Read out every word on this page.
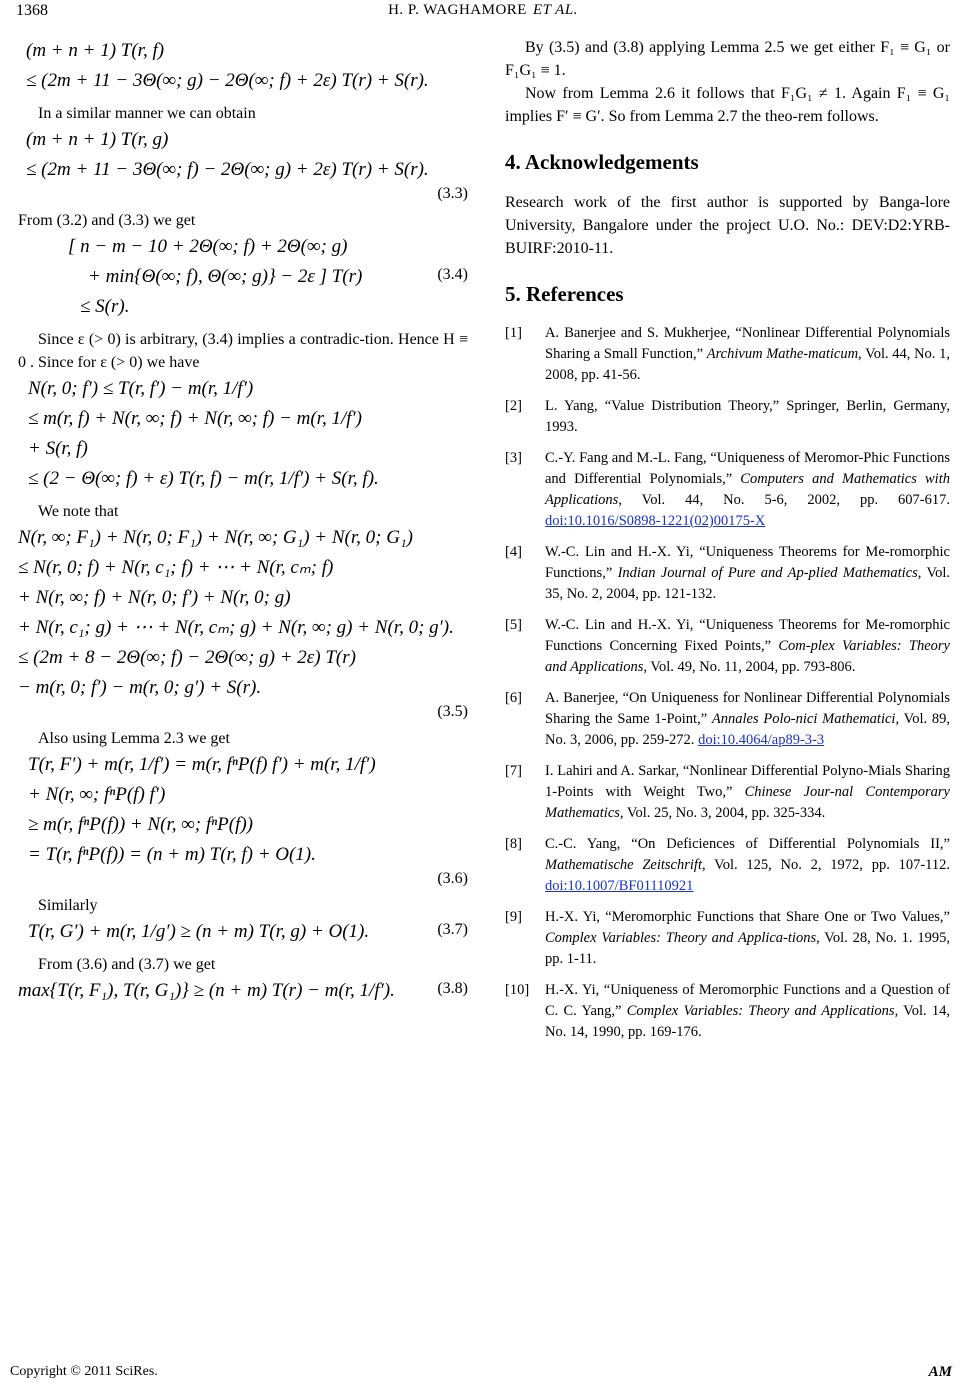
1368	H. P. WAGHAMORE ET AL.
(m + n + 1) T(r, f)
≤ (2m + 11 − 3Θ(∞; g) − 2Θ(∞; f) + 2ε) T(r) + S(r).
In a similar manner we can obtain
(m + n + 1) T(r, g)
≤ (2m + 11 − 3Θ(∞; f) − 2Θ(∞; g) + 2ε) T(r) + S(r).
(3.3)
From (3.2) and (3.3) we get
[ n − m − 10 + 2Θ(∞; f) + 2Θ(∞; g)
+ min{Θ(∞; f), Θ(∞; g)} − 2ε ] T(r)
≤ S(r).
(3.4)
Since ε (> 0) is arbitrary, (3.4) implies a contradic-tion. Hence H ≡ 0 . Since for ε (> 0) we have
N(r, 0; f′) ≤ T(r, f′) − m(r, 1/f′)
≤ m(r, f) + N(r, ∞; f) + N(r, ∞; f) − m(r, 1/f′)
+ S(r, f)
≤ (2 − Θ(∞; f) + ε) T(r, f) − m(r, 1/f′) + S(r, f).
We note that
N(r, ∞; F₁) + N(r, 0; F₁) + N(r, ∞; G₁) + N(r, 0; G₁)
≤ N(r, 0; f) + N(r, c₁; f) + ⋯ + N(r, cₘ; f)
+ N(r, ∞; f) + N(r, 0; f′) + N(r, 0; g)
+ N(r, c₁; g) + ⋯ + N(r, cₘ; g) + N(r, ∞; g) + N(r, 0; g′).
≤ (2m + 8 − 2Θ(∞; f) − 2Θ(∞; g) + 2ε) T(r)
− m(r, 0; f′) − m(r, 0; g′) + S(r).
(3.5)
Also using Lemma 2.3 we get
T(r, F′) + m(r, 1/f′) = m(r, fⁿP(f) f′) + m(r, 1/f′)
+ N(r, ∞; fⁿP(f) f′)
≥ m(r, fⁿP(f)) + N(r, ∞; fⁿP(f))
= T(r, fⁿP(f)) = (n + m) T(r, f) + O(1).
(3.6)
Similarly
T(r, G′) + m(r, 1/g′) ≥ (n + m) T(r, g) + O(1).	(3.7)
From (3.6) and (3.7) we get
max{T(r, F₁), T(r, G₁)} ≥ (n + m) T(r) − m(r, 1/f′).	(3.8)
By (3.5) and (3.8) applying Lemma 2.5 we get either F₁ ≡ G₁ or F₁G₁ ≡ 1.
Now from Lemma 2.6 it follows that F₁G₁ ≠ 1. Again F₁ ≡ G₁ implies F′ ≡ G′. So from Lemma 2.7 the theo-rem follows.
4. Acknowledgements
Research work of the first author is supported by Banga-lore University, Bangalore under the project U.O. No.: DEV:D2:YRB-BUIRF:2010-11.
5. References
[1] A. Banerjee and S. Mukherjee, “Nonlinear Differential Polynomials Sharing a Small Function,” Archivum Mathe-maticum, Vol. 44, No. 1, 2008, pp. 41-56.
[2] L. Yang, “Value Distribution Theory,” Springer, Berlin, Germany, 1993.
[3] C.-Y. Fang and M.-L. Fang, “Uniqueness of Meromor-Phic Functions and Differential Polynomials,” Computers and Mathematics with Applications, Vol. 44, No. 5-6, 2002, pp. 607-617. doi:10.1016/S0898-1221(02)00175-X
[4] W.-C. Lin and H.-X. Yi, “Uniqueness Theorems for Me-romorphic Functions,” Indian Journal of Pure and Ap-plied Mathematics, Vol. 35, No. 2, 2004, pp. 121-132.
[5] W.-C. Lin and H.-X. Yi, “Uniqueness Theorems for Me-romorphic Functions Concerning Fixed Points,” Com-plex Variables: Theory and Applications, Vol. 49, No. 11, 2004, pp. 793-806.
[6] A. Banerjee, “On Uniqueness for Nonlinear Differential Polynomials Sharing the Same 1-Point,” Annales Polo-nici Mathematici, Vol. 89, No. 3, 2006, pp. 259-272. doi:10.4064/ap89-3-3
[7] I. Lahiri and A. Sarkar, “Nonlinear Differential Polyno-Mials Sharing 1-Points with Weight Two,” Chinese Jour-nal Contemporary Mathematics, Vol. 25, No. 3, 2004, pp. 325-334.
[8] C.-C. Yang, “On Deficiences of Differential Polynomials II,” Mathematische Zeitschrift, Vol. 125, No. 2, 1972, pp. 107-112. doi:10.1007/BF01110921
[9] H.-X. Yi, “Meromorphic Functions that Share One or Two Values,” Complex Variables: Theory and Applica-tions, Vol. 28, No. 1. 1995, pp. 1-11.
[10] H.-X. Yi, “Uniqueness of Meromorphic Functions and a Question of C. C. Yang,” Complex Variables: Theory and Applications, Vol. 14, No. 14, 1990, pp. 169-176.
Copyright © 2011 SciRes.	AM
